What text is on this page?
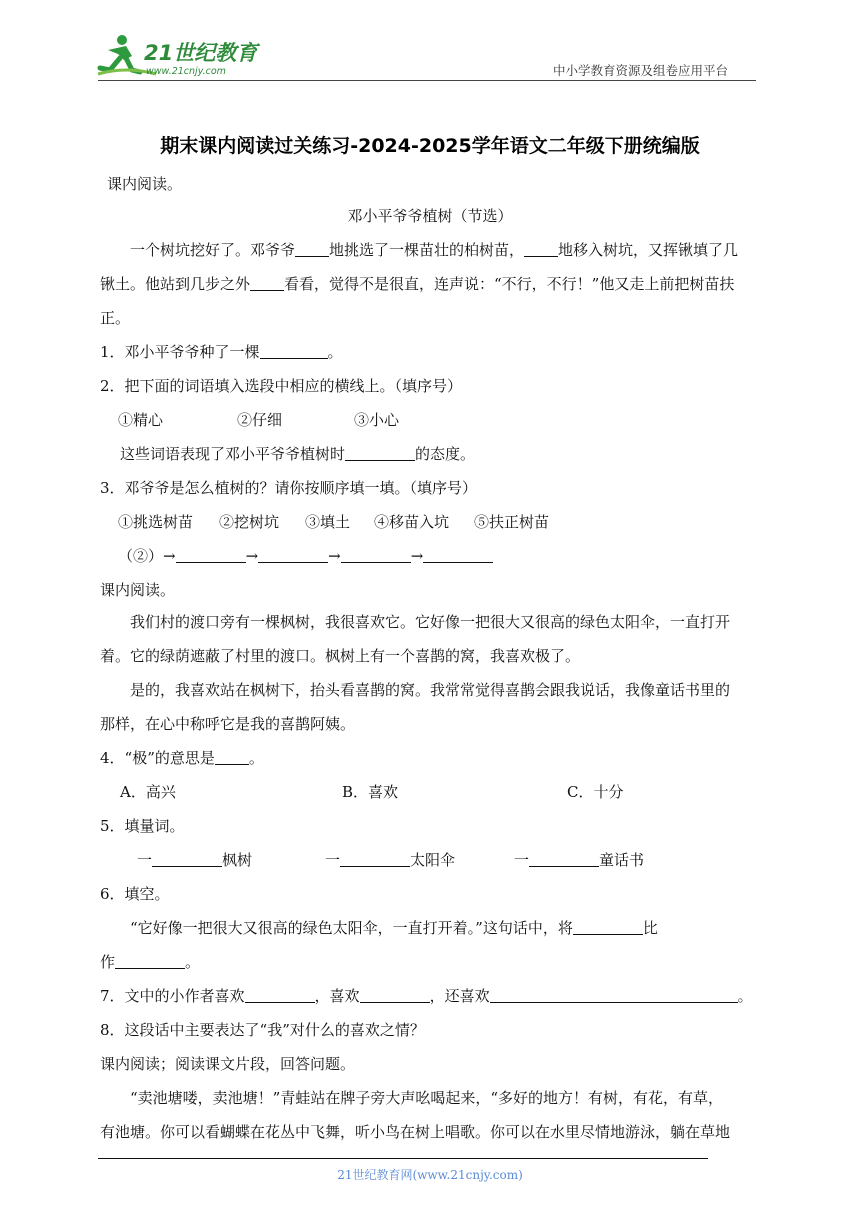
21世纪教育
www.21cnjy.com	中小学教育资源及组卷应用平台
期末课内阅读过关练习-2024-2025学年语文二年级下册统编版
课内阅读。
邓小平爷爷植树（节选）
一个树坑挖好了。邓爷爷 地挑选了一棵苗壮的柏树苗， 地移入树坑，又挥锹填了几
锹土。他站到几步之外 看看，觉得不是很直，连声说：“不行，不行！”他又走上前把树苗扶
正。
1．邓小平爷爷种了一棵	。
2．把下面的词语填入选段中相应的横线上。（填序号）
①精心	②仔细	③小心
这些词语表现了邓小平爷爷植树时	的态度。
3．邓爷爷是怎么植树的？请你按顺序填一填。（填序号）
①挑选树苗 ②挖树坑 ③填土 ④移苗入坑 ⑤扶正树苗
（②）→	→	→	→
课内阅读。
我们村的渡口旁有一棵枫树，我很喜欢它。它好像一把很大又很高的绿色太阳伞，一直打开
着。它的绿荫遮蔽了村里的渡口。枫树上有一个喜鹊的窝，我喜欢极了。
是的，我喜欢站在枫树下，抬头看喜鹊的窝。我常常觉得喜鹊会跟我说话，我像童话书里的
那样，在心中称呼它是我的喜鹊阿姨。
4．“极”的意思是 。
A．高兴	B．喜欢	C．十分
5．填量词。
一	枫树	一	太阳伞	一	童话书
6．填空。
“它好像一把很大又很高的绿色太阳伞，一直打开着。”这句话中，将	比
作	。
7．文中的小作者喜欢	，喜欢	，还喜欢	。
8．这段话中主要表达了“我”对什么的喜欢之情？
课内阅读；阅读课文片段，回答问题。
“卖池塘喽，卖池塘！”青蛙站在牌子旁大声吆喝起来，“多好的地方！有树，有花，有草，
有池塘。你可以看蝴蝶在花丛中飞舞，听小鸟在树上唱歌。你可以在水里尽情地游泳，躺在草地
21世纪教育网(www.21cnjy.com)
